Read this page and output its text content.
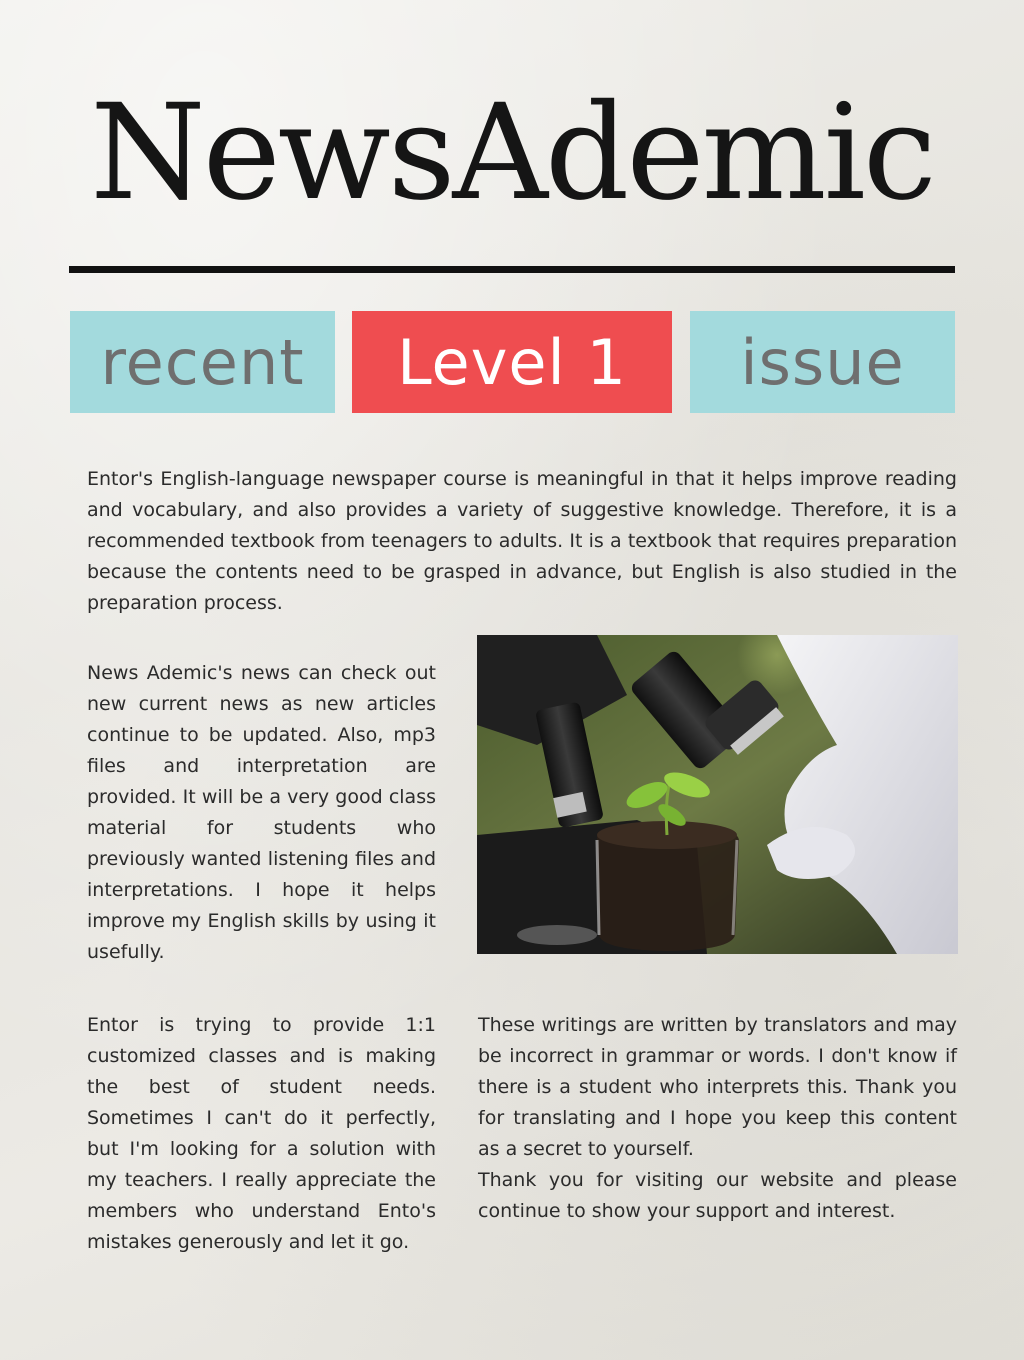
NewsAdemic
recent	Level 1	issue

Entor's English-language newspaper course is meaningful in that it helps improve reading and vocabulary, and also provides a variety of suggestive knowledge. Therefore, it is a recommended textbook from teenagers to adults. It is a textbook that requires preparation because the contents need to be grasped in advance, but English is also studied in the preparation process.

News Ademic's news can check out new current news as new articles continue to be updated. Also, mp3 files and interpretation are provided. It will be a very good class material for students who previously wanted listening files and interpretations. I hope it helps improve my English skills by using it usefully.

Entor is trying to provide 1:1 customized classes and is making the best of student needs. Sometimes I can't do it perfectly, but I'm looking for a solution with my teachers. I really appreciate the members who understand Ento's mistakes generously and let it go.

These writings are written by translators and may be incorrect in grammar or words. I don't know if there is a student who interprets this. Thank you for translating and I hope you keep this content as a secret to yourself.
Thank you for visiting our website and please continue to show your support and interest.
